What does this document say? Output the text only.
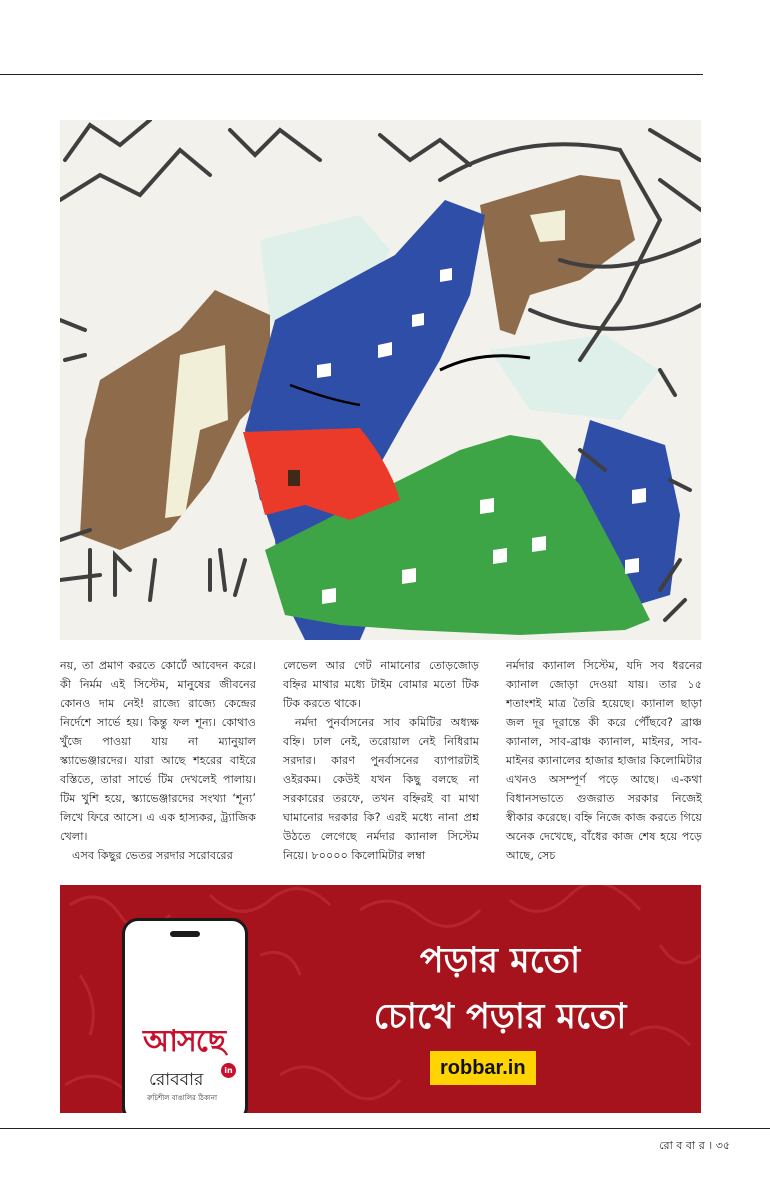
নয়, তা প্রমাণ করতে কোর্টে আবেদন করে। কী নির্মম এই সিস্টেম, মানুষের জীবনের কোনও দাম নেই! রাজ্যে রাজ্যে কেন্দ্রের নির্দেশে সার্ভে হয়। কিন্তু ফল শূন্য। কোথাও খুঁজে পাওয়া যায় না ম্যানুয়াল স্ক্যাভেঞ্জারদের। যারা আছে শহরের বাইরে বস্তিতে, তারা সার্ভে টিম দেখলেই পালায়। টিম খুশি হয়ে, স্ক্যাভেঞ্জারদের সংখ্যা ‘শূন্য’ লিখে ফিরে আসে। এ এক হাস্যকর, ট্র্যাজিক খেলা।

এসব কিছুর ভেতর সরদার সরোবরের

লেভেল আর গেট নামানোর তোড়জোড় বহ্নির মাথার মধ্যে টাইম বোমার মতো টিক টিক করতে থাকে।

নর্মদা পুনর্বাসনের সাব কমিটির অধ্যক্ষ বহ্নি। ঢাল নেই, তরোয়াল নেই নিধিরাম সরদার। কারণ পুনর্বাসনের ব্যাপারটাই ওইরকম। কেউই যখন কিছু বলছে না সরকারের তরফে, তখন বহ্নিরই বা মাথা ঘামানোর দরকার কি? এরই মধ্যে নানা প্রশ্ন উঠতে লেগেছে নর্মদার ক্যানাল সিস্টেম নিয়ে। ৮০০০০ কিলোমিটার লম্বা

নর্মদার ক্যানাল সিস্টেম, যদি সব ধরনের ক্যানাল জোড়া দেওয়া যায়। তার ১৫ শতাংশই মাত্র তৈরি হয়েছে। ক্যানাল ছাড়া জল দূর দূরান্তে কী করে পৌঁছবে? ব্রাঞ্চ ক্যানাল, সাব-ব্রাঞ্চ ক্যানাল, মাইনর, সাব-মাইনর ক্যানালের হাজার হাজার কিলোমিটার এখনও অসম্পূর্ণ পড়ে আছে। এ-কথা বিধানসভাতে গুজরাত সরকার নিজেই স্বীকার করেছে। বহ্নি নিজে কাজ করতে গিয়ে অনেক দেখেছে, বাঁধের কাজ শেষ হয়ে পড়ে আছে, সেচ

আসছে
রোববার	in
রুচিশীল বাঙালির ঠিকানা
পড়ার মতো
চোখে পড়ার মতো
robbar.in
রো ব বা র । ৩৫
